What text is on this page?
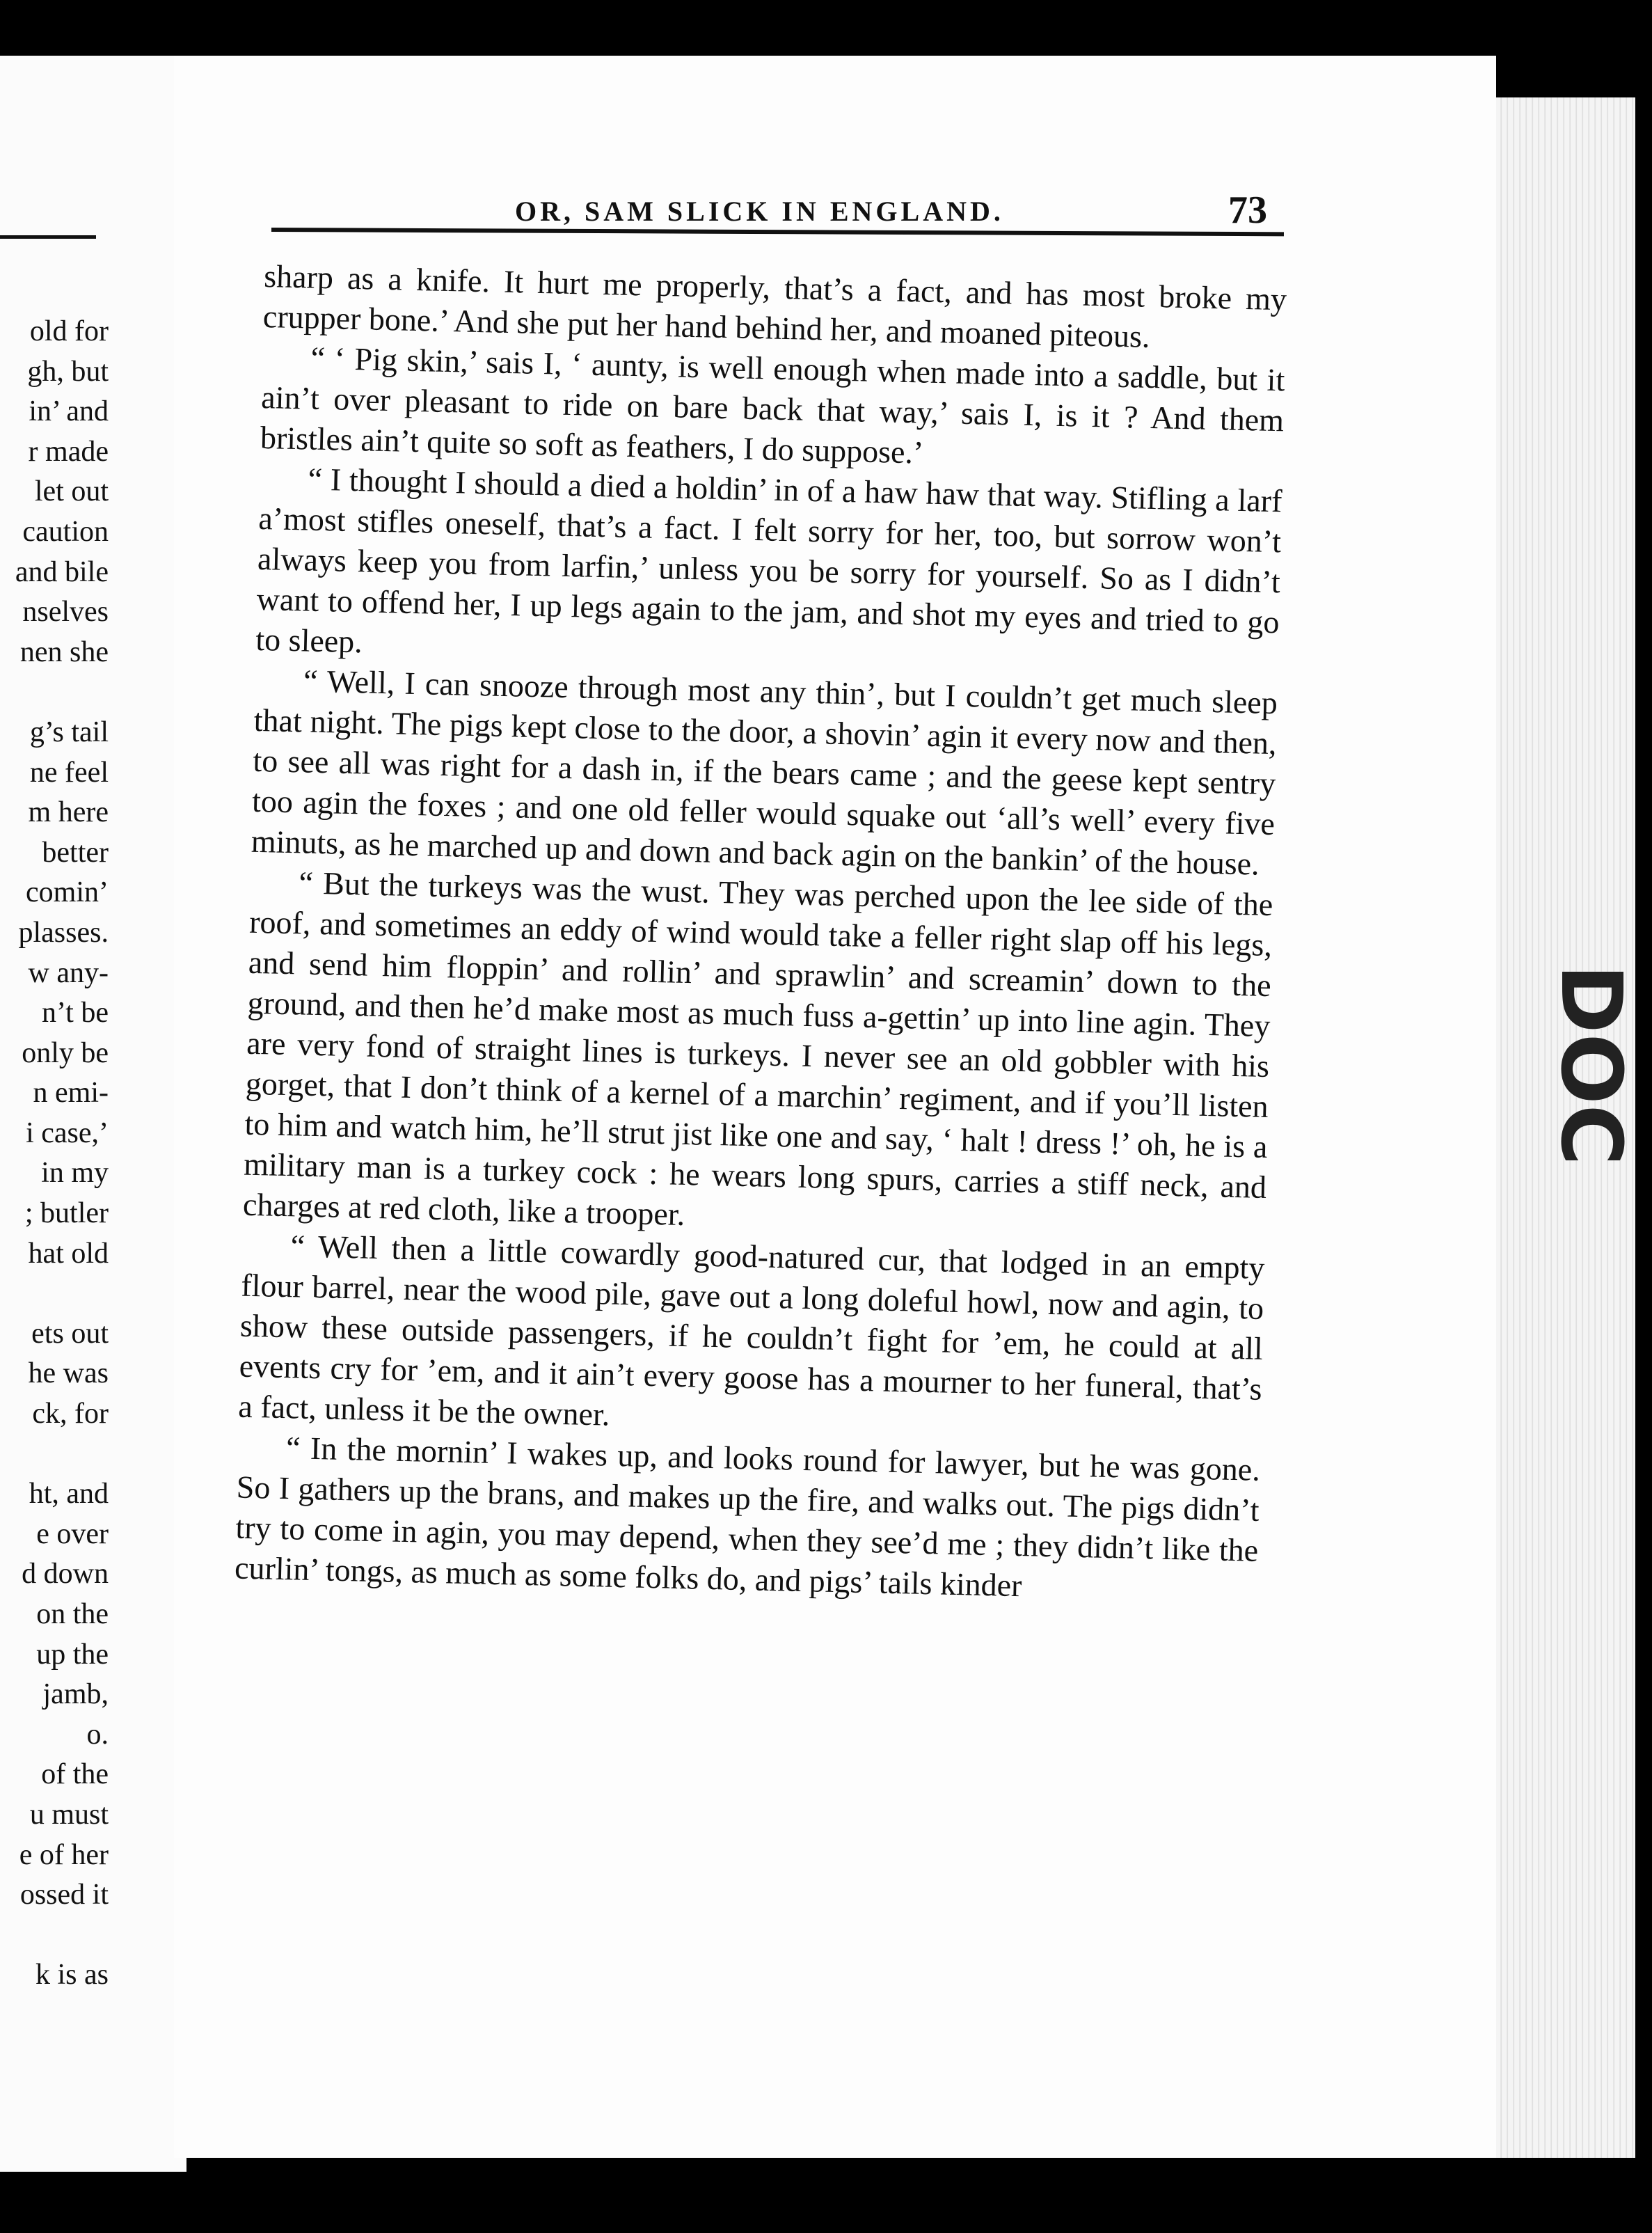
old for
gh, but
in’ and
r made
let out
caution
and bile
nselves
nen she
g’s tail
ne feel
m here
better
comin’
plasses.
w any-
n’t be
only be
n emi-
i case,’
in my
; butler
hat old
ets out
he was
ck, for
ht, and
e over
d down
on the
up the
jamb,
o.
of the
u must
e of her
ossed it
k is as
OR, SAM SLICK IN ENGLAND.	73

sharp as a knife. It hurt me properly, that’s a fact, and has most broke my crupper bone.’ And she put her hand behind her, and moaned piteous.

“ ‘ Pig skin,’ sais I, ‘ aunty, is well enough when made into a saddle, but it ain’t over pleasant to ride on bare back that way,’ sais I, is it ? And them bristles ain’t quite so soft as feathers, I do suppose.’

“ I thought I should a died a holdin’ in of a haw haw that way. Stifling a larf a’most stifles oneself, that’s a fact. I felt sorry for her, too, but sorrow won’t always keep you from larfin,’ unless you be sorry for yourself. So as I didn’t want to offend her, I up legs again to the jam, and shot my eyes and tried to go to sleep.

“ Well, I can snooze through most any thin’, but I couldn’t get much sleep that night. The pigs kept close to the door, a shovin’ agin it every now and then, to see all was right for a dash in, if the bears came ; and the geese kept sentry too agin the foxes ; and one old feller would squake out ‘all’s well’ every five minuts, as he marched up and down and back agin on the bankin’ of the house.

“ But the turkeys was the wust. They was perched upon the lee side of the roof, and sometimes an eddy of wind would take a feller right slap off his legs, and send him floppin’ and rollin’ and sprawlin’ and screamin’ down to the ground, and then he’d make most as much fuss a-gettin’ up into line agin. They are very fond of straight lines is turkeys. I never see an old gobbler with his gorget, that I don’t think of a kernel of a marchin’ regiment, and if you’ll listen to him and watch him, he’ll strut jist like one and say, ‘ halt ! dress !’ oh, he is a military man is a turkey cock : he wears long spurs, carries a stiff neck, and charges at red cloth, like a trooper.

“ Well then a little cowardly good-natured cur, that lodged in an empty flour barrel, near the wood pile, gave out a long doleful howl, now and agin, to show these outside passengers, if he couldn’t fight for ’em, he could at all events cry for ’em, and it ain’t every goose has a mourner to her funeral, that’s a fact, unless it be the owner.

“ In the mornin’ I wakes up, and looks round for lawyer, but he was gone. So I gathers up the brans, and makes up the fire, and walks out. The pigs didn’t try to come in agin, you may depend, when they see’d me ; they didn’t like the curlin’ tongs, as much as some folks do, and pigs’ tails kinder

DOC
